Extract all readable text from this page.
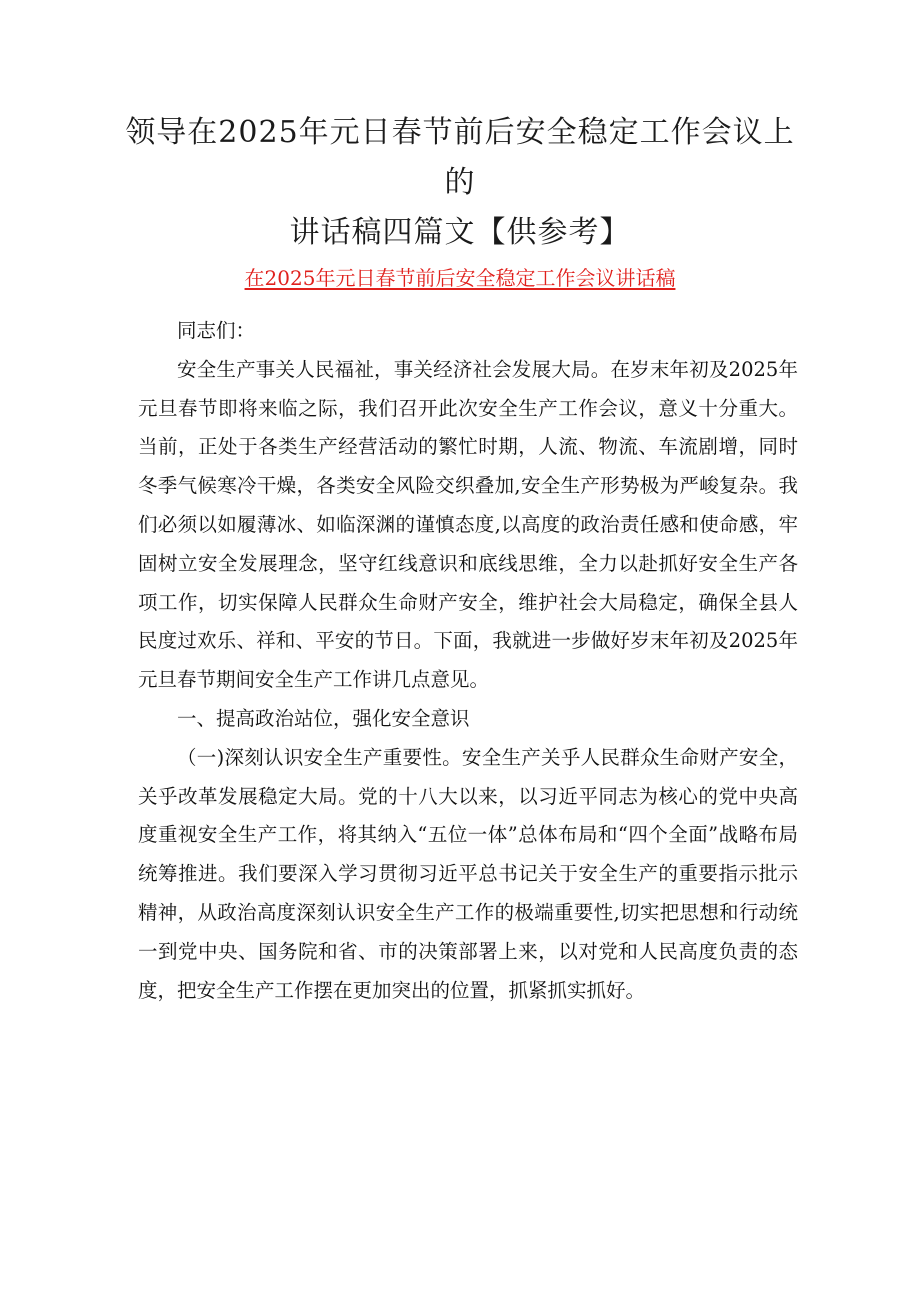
领导在2025年元日春节前后安全稳定工作会议上的
讲话稿四篇文【供参考】
在2025年元日春节前后安全稳定工作会议讲话稿

同志们：

安全生产事关人民福祉，事关经济社会发展大局。在岁末年初及2025年元旦春节即将来临之际，我们召开此次安全生产工作会议，意义十分重大。当前，正处于各类生产经营活动的繁忙时期，人流、物流、车流剧增，同时冬季气候寒冷干燥，各类安全风险交织叠加,安全生产形势极为严峻复杂。我们必须以如履薄冰、如临深渊的谨慎态度,以高度的政治责任感和使命感，牢固树立安全发展理念，坚守红线意识和底线思维，全力以赴抓好安全生产各项工作，切实保障人民群众生命财产安全，维护社会大局稳定，确保全县人民度过欢乐、祥和、平安的节日。下面，我就进一步做好岁末年初及2025年元旦春节期间安全生产工作讲几点意见。

一、提高政治站位，强化安全意识

（一)深刻认识安全生产重要性。安全生产关乎人民群众生命财产安全，关乎改革发展稳定大局。党的十八大以来，以习近平同志为核心的党中央高度重视安全生产工作，将其纳入“五位一体”总体布局和“四个全面”战略布局统筹推进。我们要深入学习贯彻习近平总书记关于安全生产的重要指示批示精神，从政治高度深刻认识安全生产工作的极端重要性,切实把思想和行动统一到党中央、国务院和省、市的决策部署上来，以对党和人民高度负责的态度，把安全生产工作摆在更加突出的位置，抓紧抓实抓好。
